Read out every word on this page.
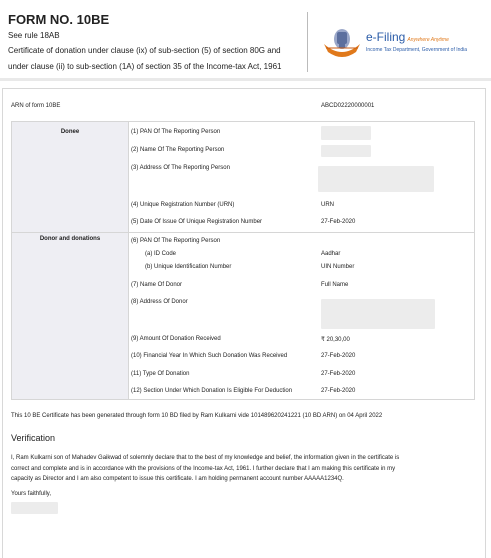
FORM NO. 10BE
See rule 18AB
Certificate of donation under clause (ix) of sub-section (5) of section 80G and
under clause (ii) to sub-section (1A) of section 35 of the Income-tax Act, 1961
e-Filing Anywhere Anytime
Income Tax Department, Government of India
ARN of form 10BE	ABCD02220000001
Donee	(1) PAN Of The Reporting Person
(2) Name Of The Reporting Person
(3) Address Of The Reporting Person
(4) Unique Registration Number (URN)	URN
(5) Date Of Issue Of Unique Registration Number	27-Feb-2020
Donor and donations	(6) PAN Of The Reporting Person
(a) ID Code	Aadhar
(b) Unique Identification Number	UIN Number
(7) Name Of Donor	Full Name
(8) Address Of Donor
(9) Amount Of Donation Received	₹ 20,30,00
(10) Financial Year In Which Such Donation Was Received	27-Feb-2020
(11) Type Of Donation	27-Feb-2020
(12) Section Under Which Donation Is Eligible For Deduction	27-Feb-2020
This 10 BE Certificate has been generated through form 10 BD filed by Ram Kulkarni vide 101489620241221 (10 BD ARN) on 04 April 2022
Verification
I, Ram Kulkarni son of Mahadev Gaikwad of solemnly declare that to the best of my knowledge and belief, the information given in the certificate is
correct and complete and is in accordance with the provisions of the Income-tax Act, 1961. I further declare that I am making this certificate in my
capacity as Director and I am also competent to issue this certificate. I am holding permanent account number AAAAA1234Q.
Yours faithfully,
